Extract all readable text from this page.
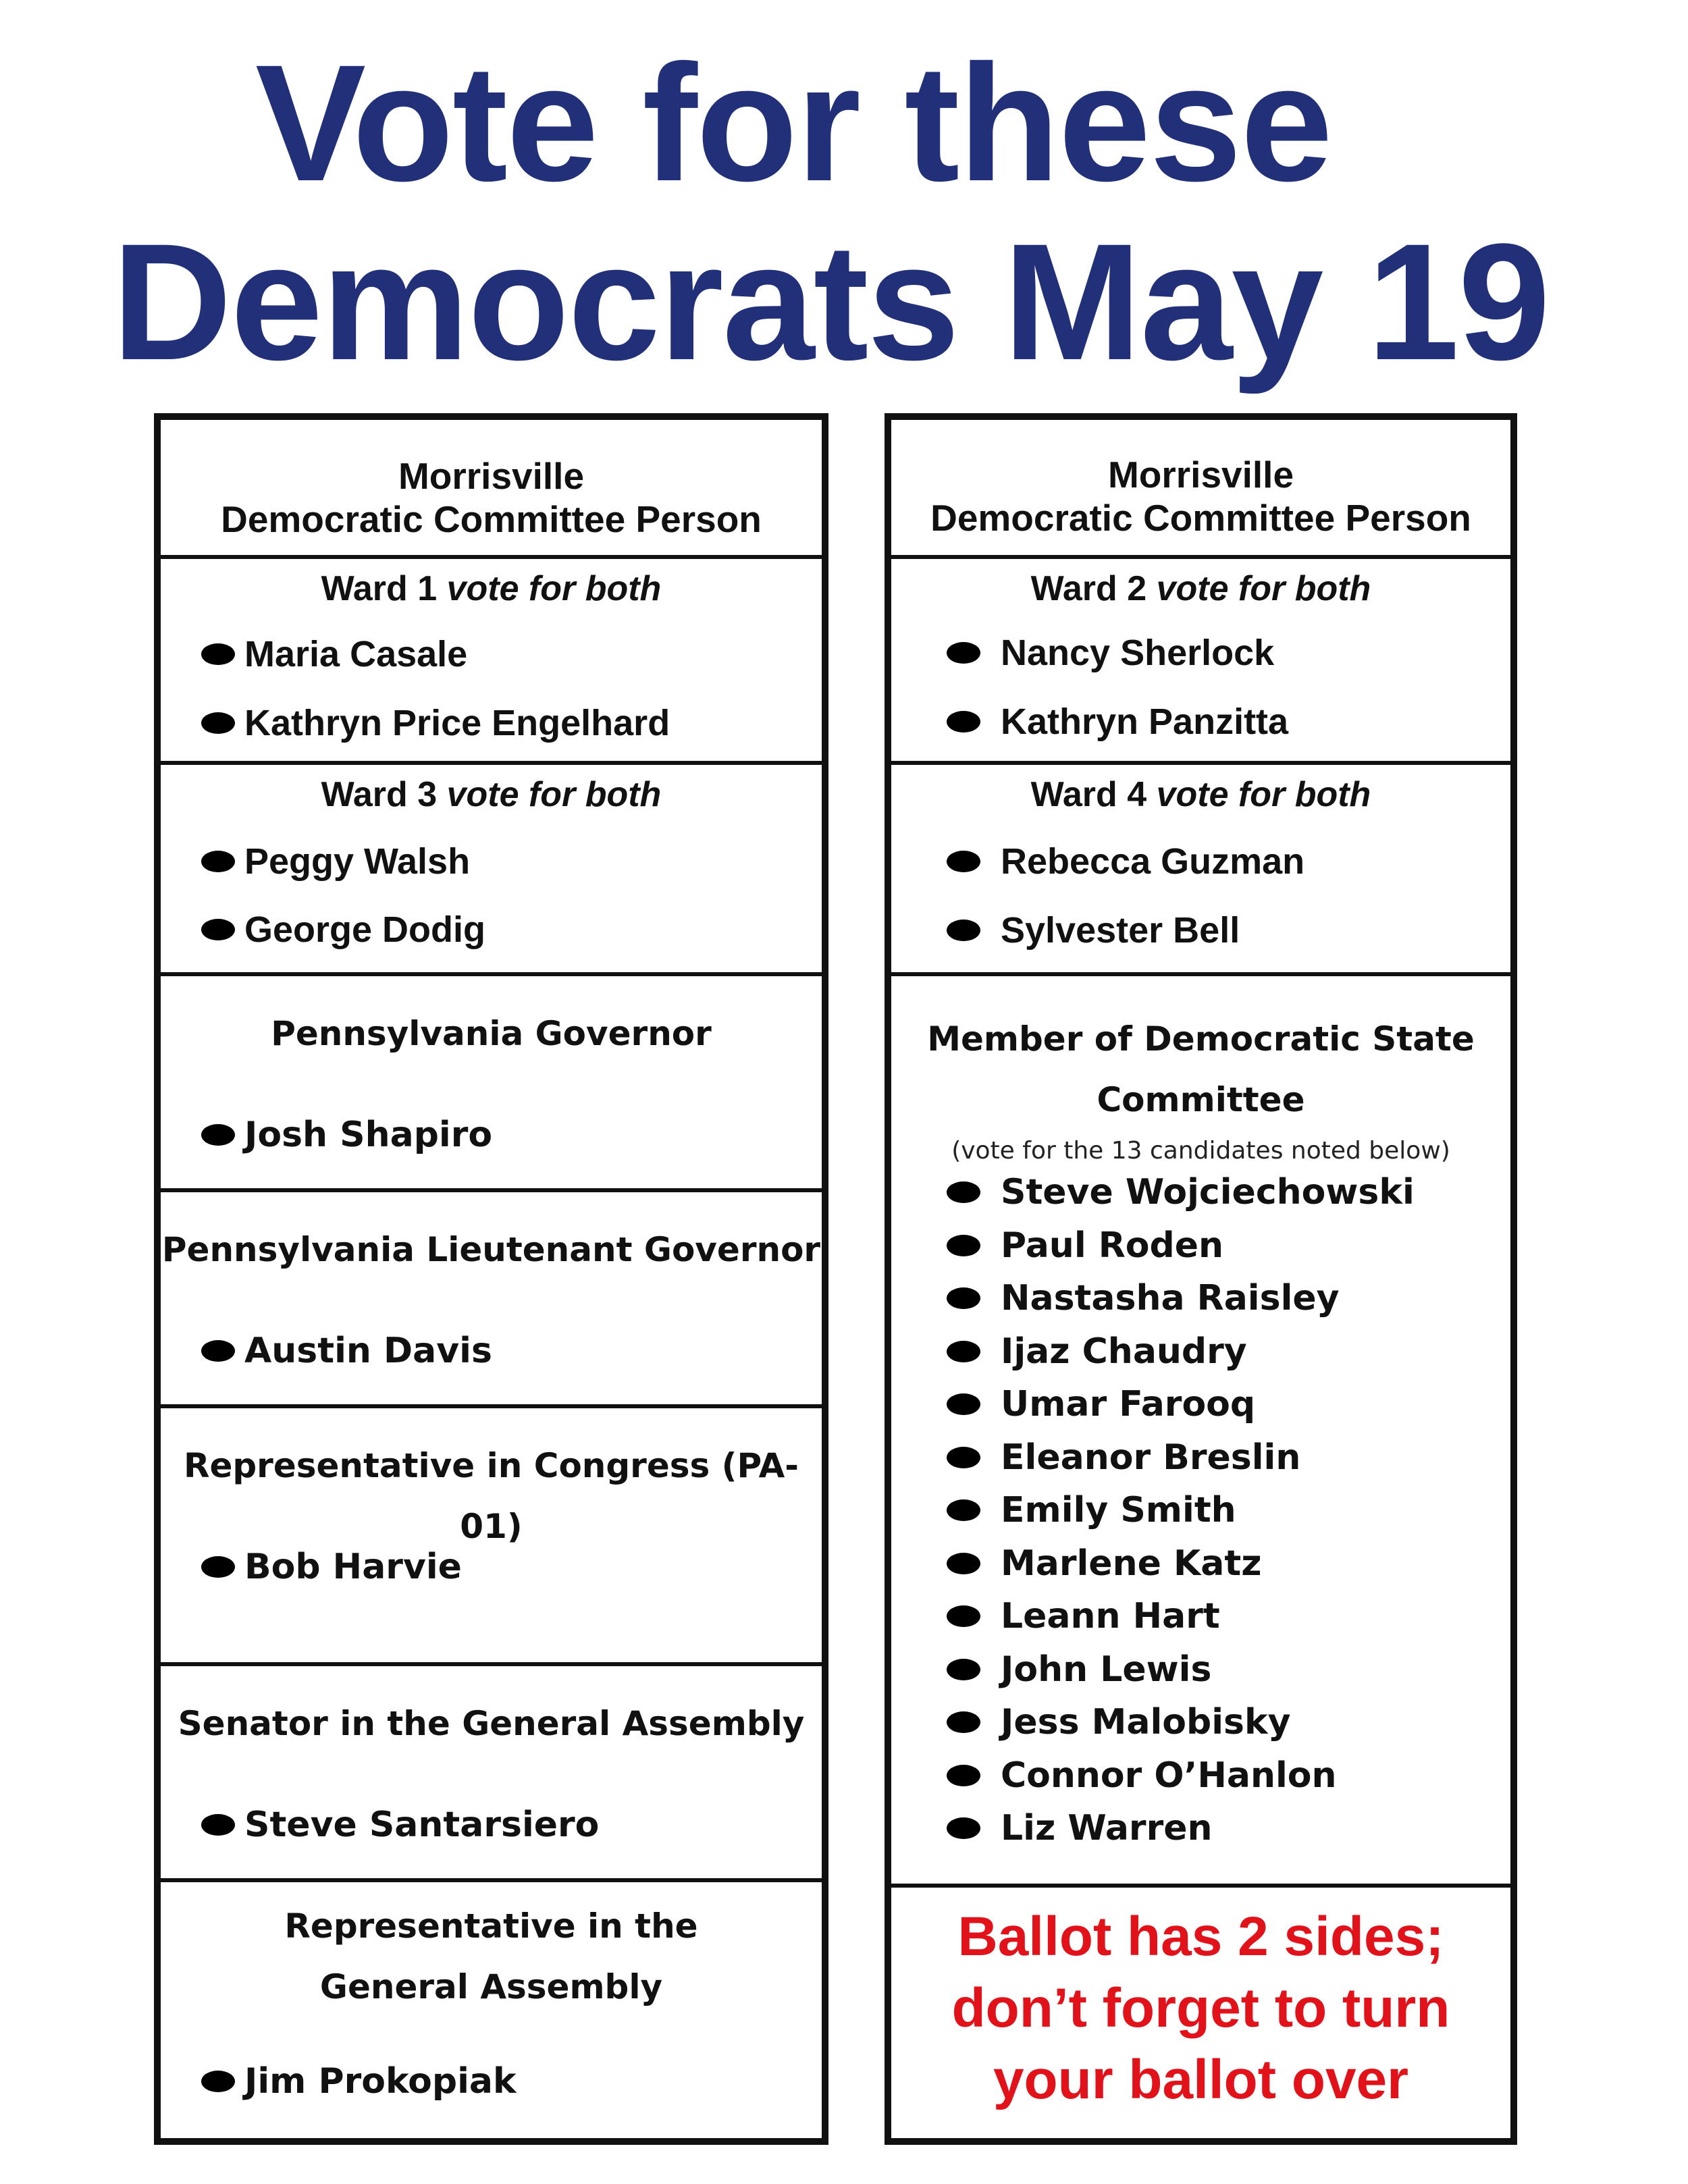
Vote for these
Democrats May 19
Morrisville
Democratic Committee Person
Ward 1 vote for both
Maria Casale
Kathryn Price Engelhard
Ward 3 vote for both
Peggy Walsh
George Dodig
Pennsylvania Governor
Josh Shapiro
Pennsylvania Lieutenant Governor
Austin Davis
Representative in Congress (PA-01)
Bob Harvie
Senator in the General Assembly
Steve Santarsiero
Representative in the
General Assembly
Jim Prokopiak
Morrisville
Democratic Committee Person
Ward 2 vote for both
Nancy Sherlock
Kathryn Panzitta
Ward 4 vote for both
Rebecca Guzman
Sylvester Bell
Member of Democratic State
Committee
(vote for the 13 candidates noted below)
Steve Wojciechowski
Paul Roden
Nastasha Raisley
Ijaz Chaudry
Umar Farooq
Eleanor Breslin
Emily Smith
Marlene Katz
Leann Hart
John Lewis
Jess Malobisky
Connor O’Hanlon
Liz Warren
Ballot has 2 sides;
don’t forget to turn
your ballot over
